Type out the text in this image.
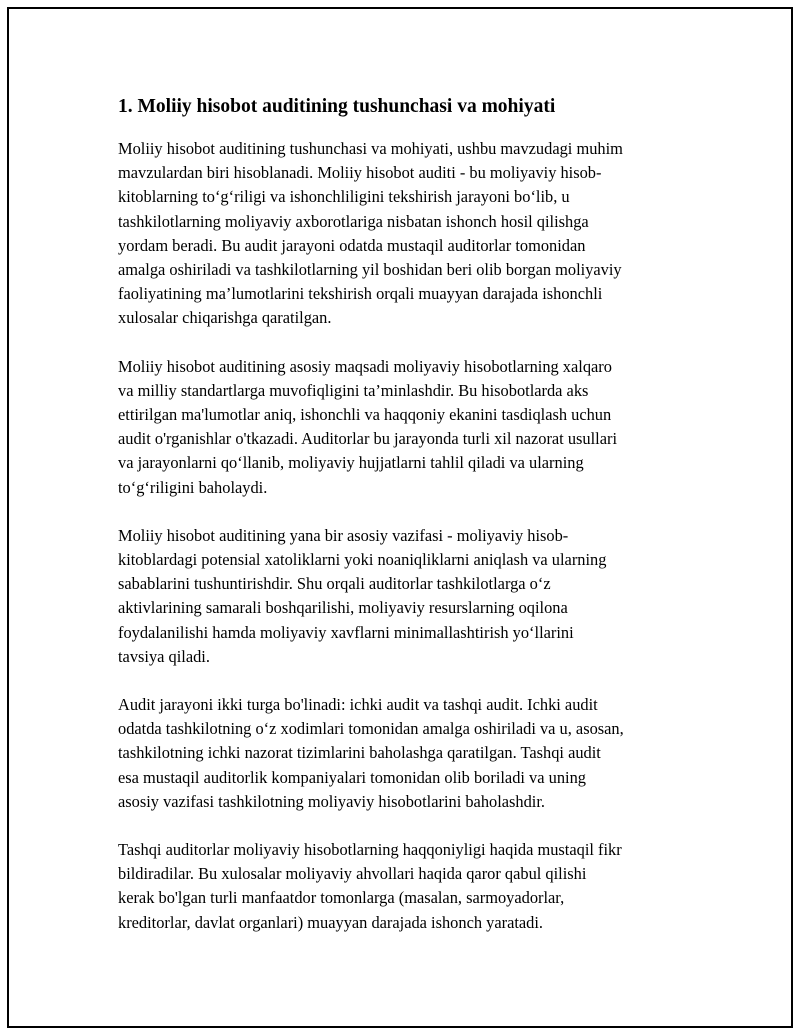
1. Moliiy hisobot auditining tushunchasi va mohiyati
Moliiy hisobot auditining tushunchasi va mohiyati, ushbu mavzudagi muhim
mavzulardan biri hisoblanadi. Moliiy hisobot auditi - bu moliyaviy hisob-
kitoblarning to‘g‘riligi va ishonchliligini tekshirish jarayoni bo‘lib, u
tashkilotlarning moliyaviy axborotlariga nisbatan ishonch hosil qilishga
yordam beradi. Bu audit jarayoni odatda mustaqil auditorlar tomonidan
amalga oshiriladi va tashkilotlarning yil boshidan beri olib borgan moliyaviy
faoliyatining ma’lumotlarini tekshirish orqali muayyan darajada ishonchli
xulosalar chiqarishga qaratilgan.
Moliiy hisobot auditining asosiy maqsadi moliyaviy hisobotlarning xalqaro
va milliy standartlarga muvofiqligini ta’minlashdir. Bu hisobotlarda aks
ettirilgan ma'lumotlar aniq, ishonchli va haqqoniy ekanini tasdiqlash uchun
audit o'rganishlar o'tkazadi. Auditorlar bu jarayonda turli xil nazorat usullari
va jarayonlarni qo‘llanib, moliyaviy hujjatlarni tahlil qiladi va ularning
to‘g‘riligini baholaydi.
Moliiy hisobot auditining yana bir asosiy vazifasi - moliyaviy hisob-
kitoblardagi potensial xatoliklarni yoki noaniqliklarni aniqlash va ularning
sabablarini tushuntirishdir. Shu orqali auditorlar tashkilotlarga o‘z
aktivlarining samarali boshqarilishi, moliyaviy resurslarning oqilona
foydalanilishi hamda moliyaviy xavflarni minimallashtirish yo‘llarini
tavsiya qiladi.
Audit jarayoni ikki turga bo'linadi: ichki audit va tashqi audit. Ichki audit
odatda tashkilotning o‘z xodimlari tomonidan amalga oshiriladi va u, asosan,
tashkilotning ichki nazorat tizimlarini baholashga qaratilgan. Tashqi audit
esa mustaqil auditorlik kompaniyalari tomonidan olib boriladi va uning
asosiy vazifasi tashkilotning moliyaviy hisobotlarini baholashdir.
Tashqi auditorlar moliyaviy hisobotlarning haqqoniyligi haqida mustaqil fikr
bildiradilar. Bu xulosalar moliyaviy ahvollari haqida qaror qabul qilishi
kerak bo'lgan turli manfaatdor tomonlarga (masalan, sarmoyadorlar,
kreditorlar, davlat organlari) muayyan darajada ishonch yaratadi.
